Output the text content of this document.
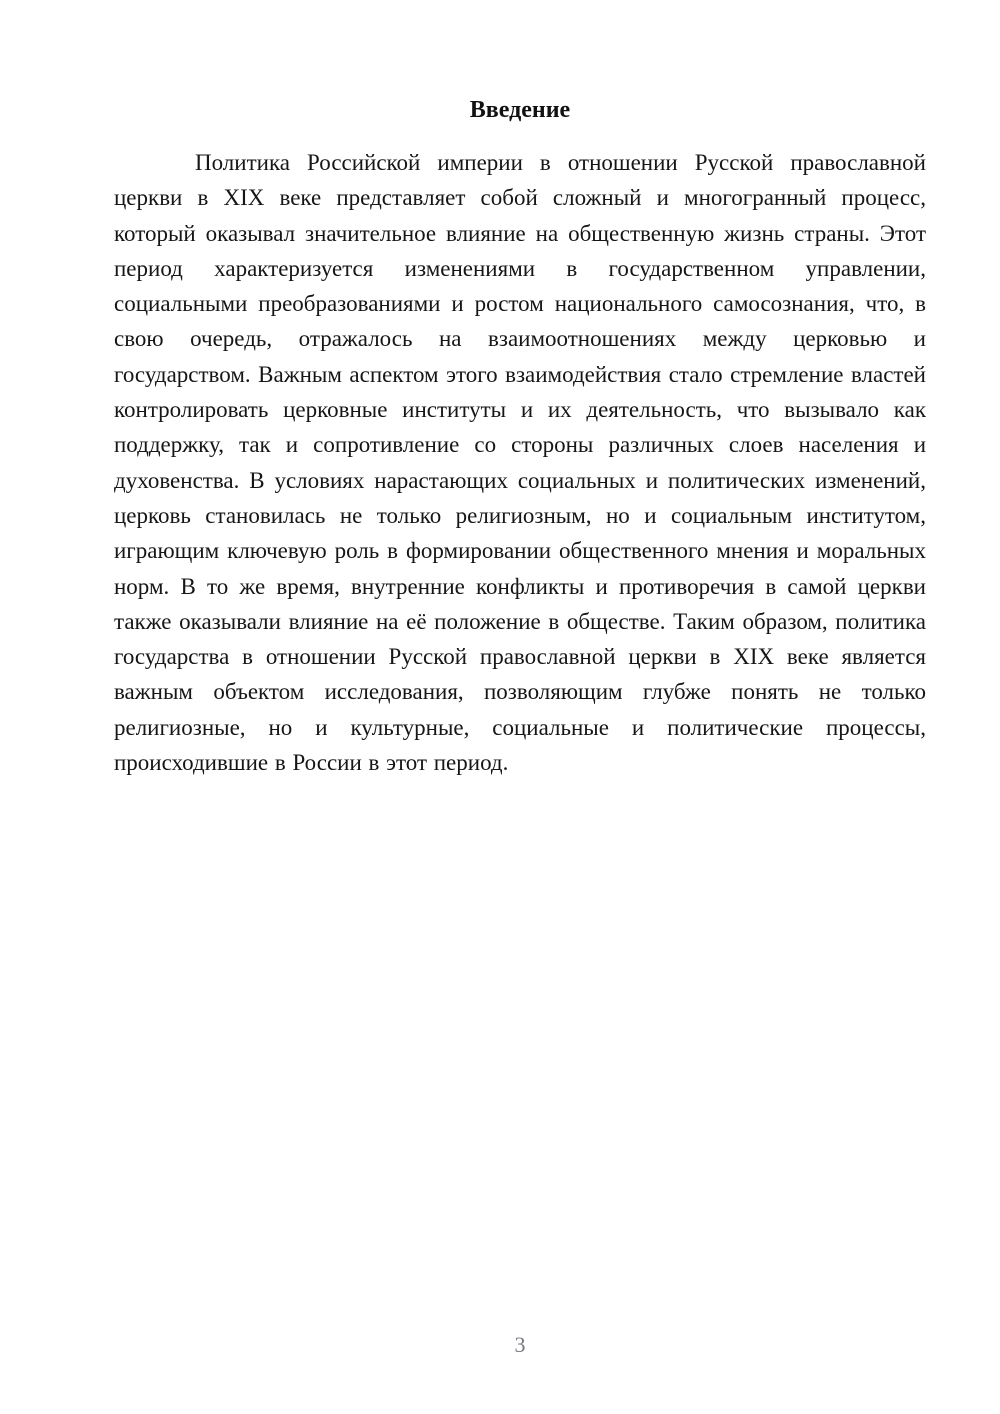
Введение

Политика Российской империи в отношении Русской православной церкви в XIX веке представляет собой сложный и многогранный процесс, который оказывал значительное влияние на общественную жизнь страны. Этот период характеризуется изменениями в государственном управлении, социальными преобразованиями и ростом национального самосознания, что, в свою очередь, отражалось на взаимоотношениях между церковью и государством. Важным аспектом этого взаимодействия стало стремление властей контролировать церковные институты и их деятельность, что вызывало как поддержку, так и сопротивление со стороны различных слоев населения и духовенства. В условиях нарастающих социальных и политических изменений, церковь становилась не только религиозным, но и социальным институтом, играющим ключевую роль в формировании общественного мнения и моральных норм. В то же время, внутренние конфликты и противоречия в самой церкви также оказывали влияние на её положение в обществе. Таким образом, политика государства в отношении Русской православной церкви в XIX веке является важным объектом исследования, позволяющим глубже понять не только религиозные, но и культурные, социальные и политические процессы, происходившие в России в этот период.

3
